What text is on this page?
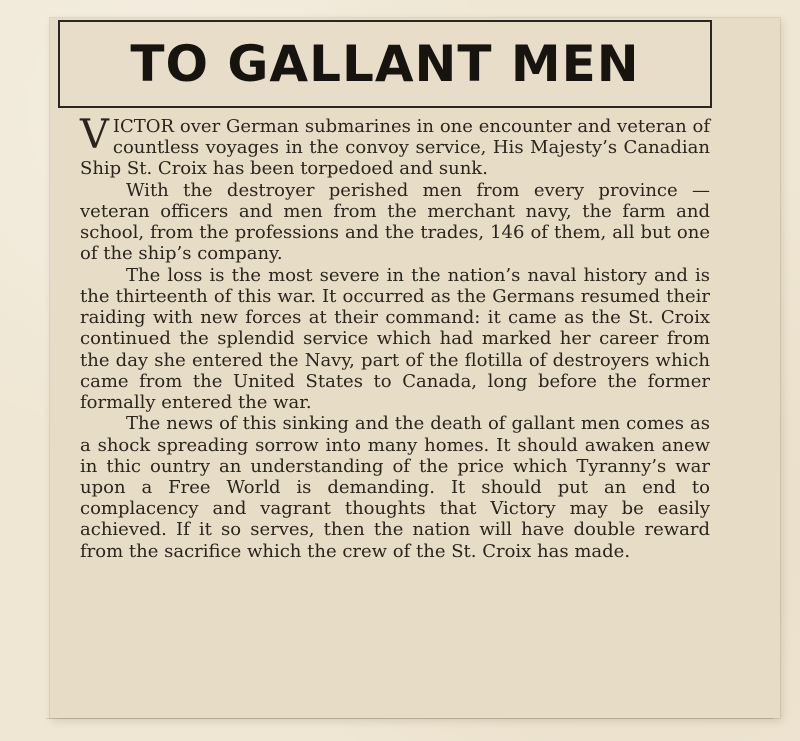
TO GALLANT MEN

V ICTOR over German submarines in one encounter and veteran of countless voyages in the convoy service, His Majesty’s Canadian Ship St. Croix has been torpedoed and sunk.

With the destroyer perished men from every province —veteran officers and men from the merchant navy, the farm and school, from the professions and the trades, 146 of them, all but one of the ship’s company.

The loss is the most severe in the nation’s naval history and is the thirteenth of this war. It occurred as the Germans resumed their raiding with new forces at their command: it came as the St. Croix continued the splendid service which had marked her career from the day she entered the Navy, part of the flotilla of destroyers which came from the United States to Canada, long before the former formally entered the war.

The news of this sinking and the death of gallant men comes as a shock spreading sorrow into many homes. It should awaken anew in thic ountry an understanding of the price which Tyranny’s war upon a Free World is demanding. It should put an end to complacency and vagrant thoughts that Victory may be easily achieved. If it so serves, then the nation will have double reward from the sacrifice which the crew of the St. Croix has made.
